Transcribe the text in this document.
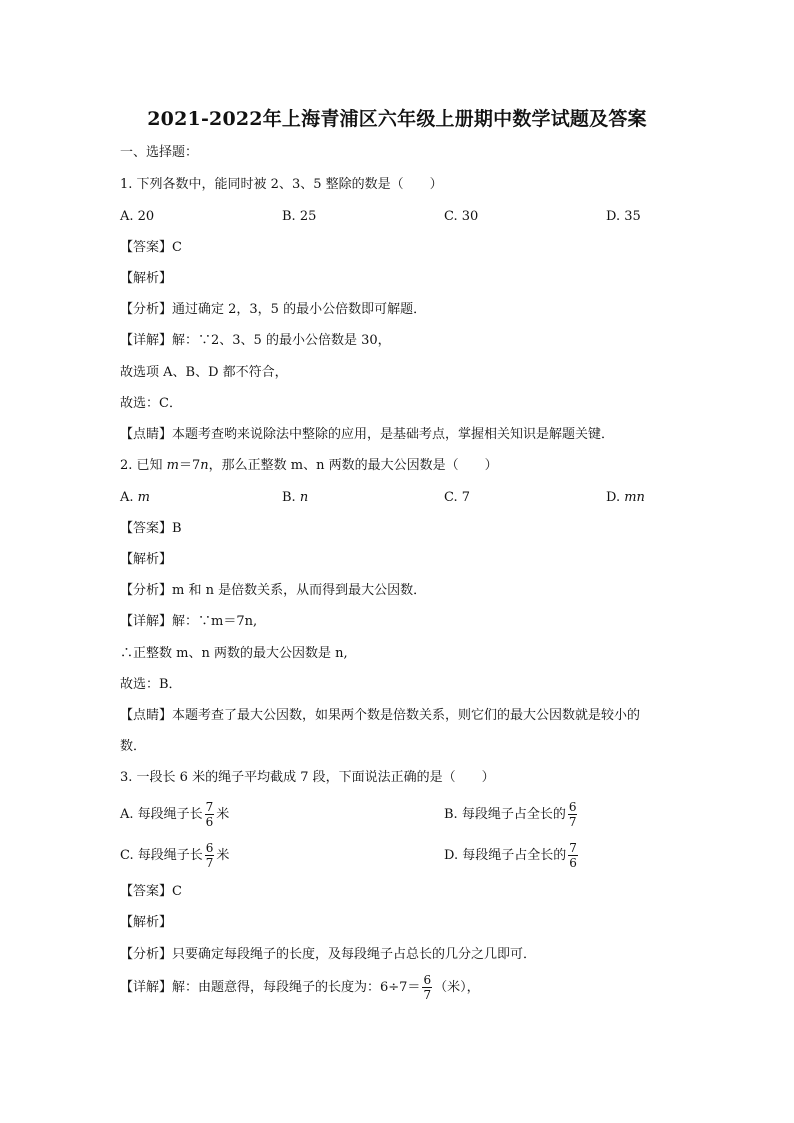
2021-2022年上海青浦区六年级上册期中数学试题及答案
一、选择题：
1. 下列各数中，能同时被 2、3、5 整除的数是（　　）
A. 20	B. 25	C. 30	D. 35
【答案】C
【解析】
【分析】通过确定 2，3，5 的最小公倍数即可解题．
【详解】解：∵2、3、5 的最小公倍数是 30，
故选项 A、B、D 都不符合，
故选：C．
【点睛】本题考查哟来说除法中整除的应用，是基础考点，掌握相关知识是解题关键．
2. 已知 m＝7n，那么正整数 m、n 两数的最大公因数是（　　）
A. m	B. n	C. 7	D. mn
【答案】B
【解析】
【分析】m 和 n 是倍数关系，从而得到最大公因数．
【详解】解：∵m＝7n,
∴正整数 m、n 两数的最大公因数是 n,
故选：B．
【点睛】本题考查了最大公因数，如果两个数是倍数关系，则它们的最大公因数就是较小的
数．
3. 一段长 6 米的绳子平均截成 7 段，下面说法正确的是（　　）
A. 每段绳子长 $\frac{7}{6}$ 米	B. 每段绳子占全长的 $\frac{6}{7}$
C. 每段绳子长 $\frac{6}{7}$ 米	D. 每段绳子占全长的 $\frac{7}{6}$
【答案】C
【解析】
【分析】只要确定每段绳子的长度，及每段绳子占总长的几分之几即可．
【详解】解：由题意得，每段绳子的长度为：$6\div 7= \frac{6}{7}$ （米），
